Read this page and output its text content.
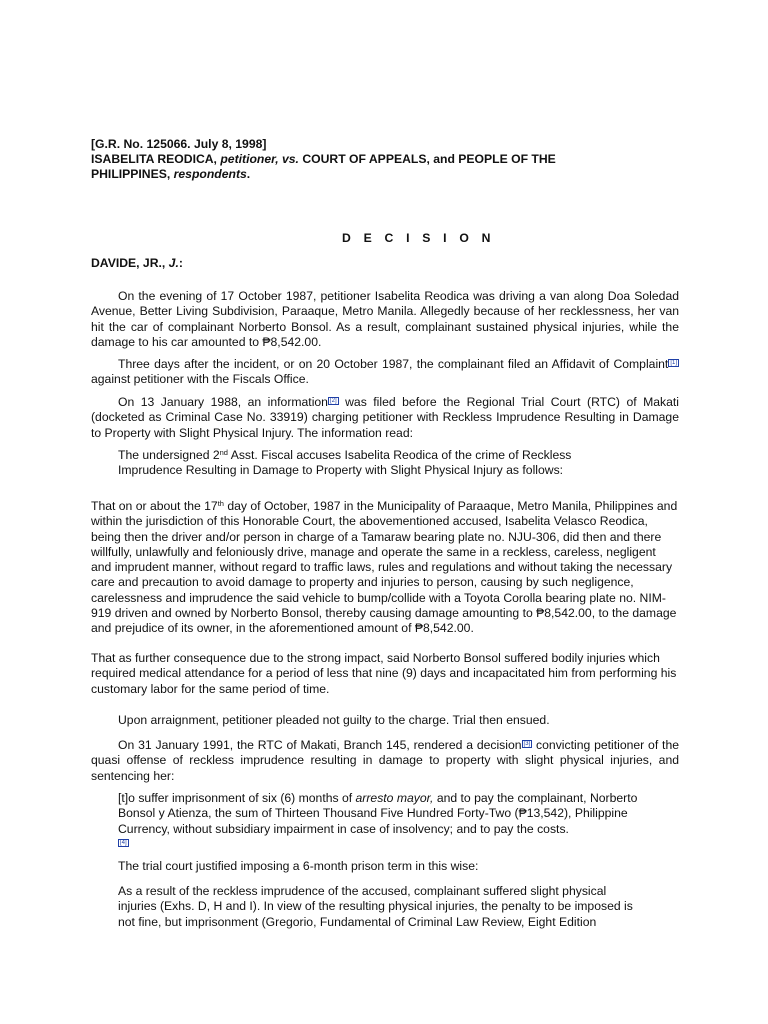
[G.R. No. 125066. July 8, 1998]

ISABELITA REODICA, petitioner, vs. COURT OF APPEALS, and PEOPLE OF THE

PHILIPPINES, respondents.

D E C I S I O N
DAVIDE, JR., J.:

On the evening of 17 October 1987, petitioner Isabelita Reodica was driving a van along Doa Soledad Avenue, Better Living Subdivision, Paraaque, Metro Manila. Allegedly because of her recklessness, her van hit the car of complainant Norberto Bonsol. As a result, complainant sustained physical injuries, while the damage to his car amounted to ₱8,542.00.

Three days after the incident, or on 20 October 1987, the complainant filed an Affidavit of Complaint [1] against petitioner with the Fiscals Office.

On 13 January 1988, an information [2] was filed before the Regional Trial Court (RTC) of Makati (docketed as Criminal Case No. 33919) charging petitioner with Reckless Imprudence Resulting in Damage to Property with Slight Physical Injury. The information read:

The undersigned 2nd Asst. Fiscal accuses Isabelita Reodica of the crime of Reckless Imprudence Resulting in Damage to Property with Slight Physical Injury as follows:

That on or about the 17th day of October, 1987 in the Municipality of Paraaque, Metro Manila, Philippines and within the jurisdiction of this Honorable Court, the abovementioned accused, Isabelita Velasco Reodica, being then the driver and/or person in charge of a Tamaraw bearing plate no. NJU-306, did then and there willfully, unlawfully and feloniously drive, manage and operate the same in a reckless, careless, negligent and imprudent manner, without regard to traffic laws, rules and regulations and without taking the necessary care and precaution to avoid damage to property and injuries to person, causing by such negligence, carelessness and imprudence the said vehicle to bump/collide with a Toyota Corolla bearing plate no. NIM-919 driven and owned by Norberto Bonsol, thereby causing damage amounting to ₱8,542.00, to the damage and prejudice of its owner, in the aforementioned amount of ₱8,542.00.

That as further consequence due to the strong impact, said Norberto Bonsol suffered bodily injuries which required medical attendance for a period of less that nine (9) days and incapacitated him from performing his customary labor for the same period of time.

Upon arraignment, petitioner pleaded not guilty to the charge. Trial then ensued.

On 31 January 1991, the RTC of Makati, Branch 145, rendered a decision [3] convicting petitioner of the quasi offense of reckless imprudence resulting in damage to property with slight physical injuries, and sentencing her:

[t]o suffer imprisonment of six (6) months of arresto mayor, and to pay the complainant, Norberto Bonsol y Atienza, the sum of Thirteen Thousand Five Hundred Forty-Two (₱13,542), Philippine Currency, without subsidiary impairment in case of insolvency; and to pay the costs.
[4]

The trial court justified imposing a 6-month prison term in this wise:

As a result of the reckless imprudence of the accused, complainant suffered slight physical injuries (Exhs. D, H and I). In view of the resulting physical injuries, the penalty to be imposed is not fine, but imprisonment (Gregorio, Fundamental of Criminal Law Review, Eight Edition
